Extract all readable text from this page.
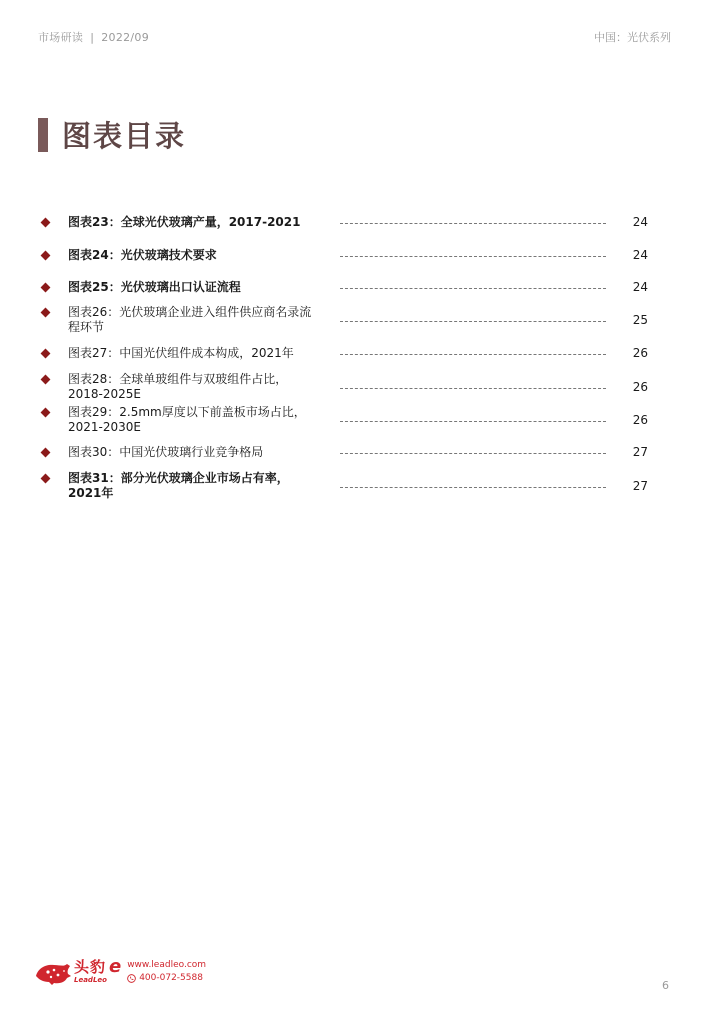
市场研读 | 2022/09	中国：光伏系列
图表目录
图表23：全球光伏玻璃产量，2017-2021	24
图表24：光伏玻璃技术要求	24
图表25：光伏玻璃出口认证流程	24
图表26：光伏玻璃企业进入组件供应商名录流
程环节	25
图表27：中国光伏组件成本构成，2021年	26
图表28：全球单玻组件与双玻组件占比，
2018-2025E	26
图表29：2.5mm厚度以下前盖板市场占比，
2021-2030E	26
图表30：中国光伏玻璃行业竞争格局	27
图表31：部分光伏玻璃企业市场占有率，
2021年	27
头豹
LeadLeo
e www.leadleo.com
400-072-5588
6
